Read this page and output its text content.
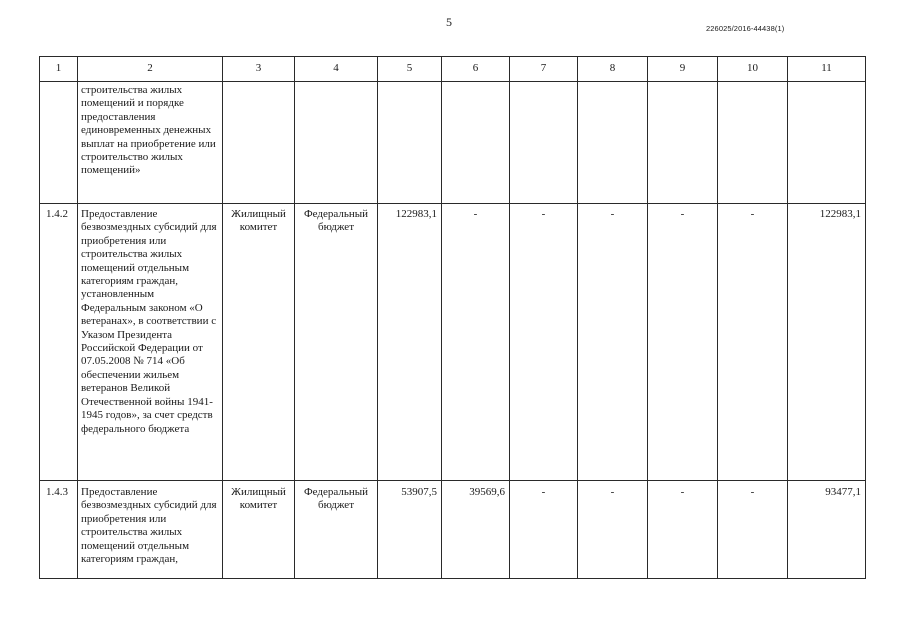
5	226025/2016-44438(1)
1	2	3	4	5	6	7	8	9	10	11
	строительства жилых помещений и порядке предоставления единовременных денежных выплат на приобретение или строительство жилых помещений»									
1.4.2	Предоставление безвозмездных субсидий для приобретения или строительства жилых помещений отдельным категориям граждан, установленным Федеральным законом «О ветеранах», в соответствии с Указом Президента Российской Федерации от 07.05.2008 № 714 «Об обеспечении жильем ветеранов Великой Отечественной войны 1941-1945 годов», за счет средств федерального бюджета	Жилищный комитет	Федеральный бюджет	122983,1	-	-	-	-	-	122983,1
1.4.3	Предоставление безвозмездных субсидий для приобретения или строительства жилых помещений отдельным категориям граждан,	Жилищный комитет	Федеральный бюджет	53907,5	39569,6	-	-	-	-	93477,1
